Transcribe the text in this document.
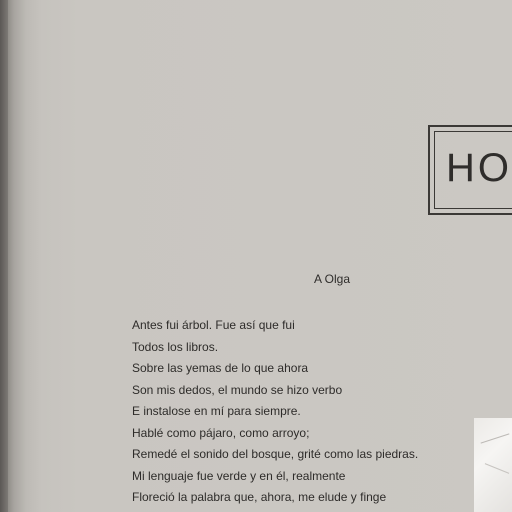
HO
A Olga
Antes fui árbol. Fue así que fui
Todos los libros.
Sobre las yemas de lo que ahora
Son mis dedos, el mundo se hizo verbo
E instalose en mí para siempre.
Hablé como pájaro, como arroyo;
Remedé el sonido del bosque, grité como las piedras.
Mi lenguaje fue verde y en él, realmente
Floreció la palabra que, ahora, me elude y finge
